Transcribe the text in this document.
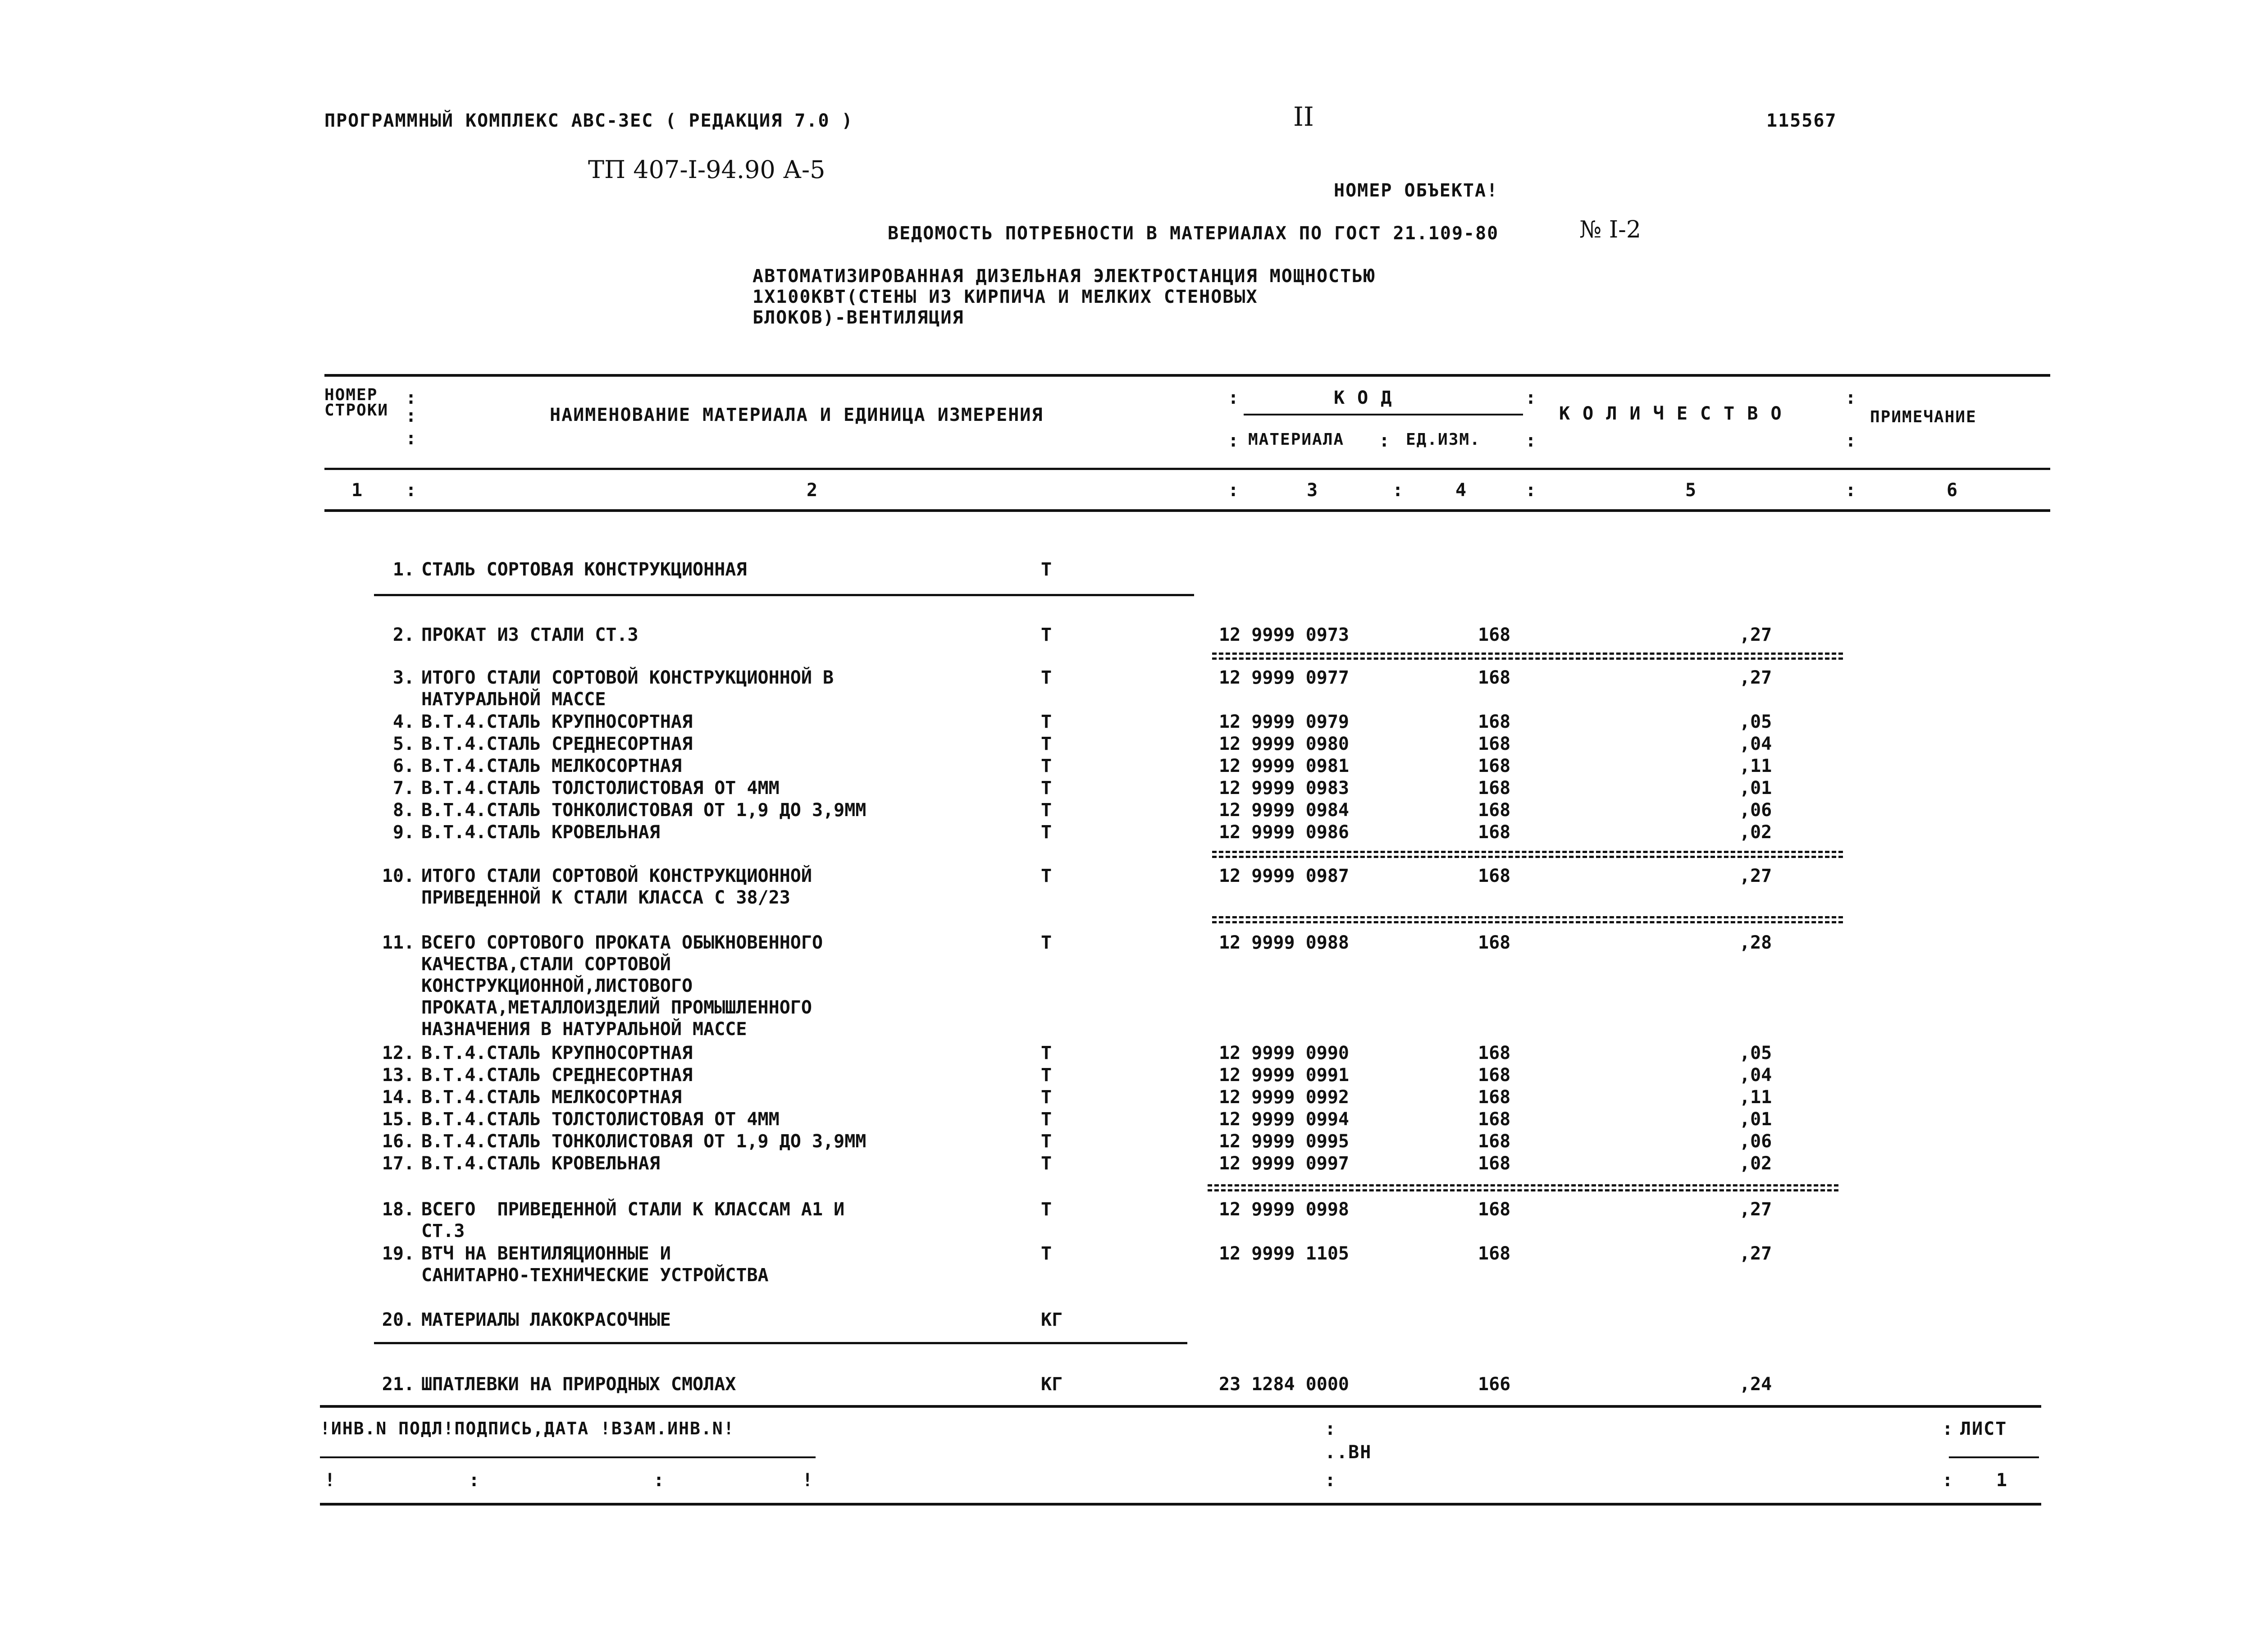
ПРОГРАММНЫЙ КОМПЛЕКС АВС-3ЕС ( РЕДАКЦИЯ 7.0 )	II	115567
ТП 407-I-94.90 А-5
НОМЕР ОБЪЕКТА!
ВЕДОМОСТЬ ПОТРЕБНОСТИ В МАТЕРИАЛАХ ПО ГОСТ 21.109-80	№ I-2
АВТОМАТИЗИРОВАННАЯ ДИЗЕЛЬНАЯ ЭЛЕКТРОСТАНЦИЯ МОЩНОСТЬЮ
1Х100КВТ(СТЕНЫ ИЗ КИРПИЧА И МЕЛКИХ СТЕНОВЫХ
БЛОКОВ)-ВЕНТИЛЯЦИЯ
НОМЕР
СТРОКИ
:
:
:
НАИМЕНОВАНИЕ МАТЕРИАЛА И ЕДИНИЦА ИЗМЕРЕНИЯ
:
:
К О Д
МАТЕРИАЛА : ЕД.ИЗМ.
:
:
К О Л И Ч Е С Т В О
:
:
ПРИМЕЧАНИЕ
1 :	2	:	3	:	4	:	5	:	6
1. СТАЛЬ СОРТОВАЯ КОНСТРУКЦИОННАЯ	Т
2. ПРОКАТ ИЗ СТАЛИ СТ.3	Т	12 9999 0973	168	,27
3. ИТОГО СТАЛИ СОРТОВОЙ КОНСТРУКЦИОННОЙ В
НАТУРАЛЬНОЙ МАССЕ
Т	12 9999 0977	168	,27
4. В.Т.4.СТАЛЬ КРУПНОСОРТНАЯ	Т	12 9999 0979	168	,05
5. В.Т.4.СТАЛЬ СРЕДНЕСОРТНАЯ	Т	12 9999 0980	168	,04
6. В.Т.4.СТАЛЬ МЕЛКОСОРТНАЯ	Т	12 9999 0981	168	,11
7. В.Т.4.СТАЛЬ ТОЛСТОЛИСТОВАЯ ОТ 4ММ	Т	12 9999 0983	168	,01
8. В.Т.4.СТАЛЬ ТОНКОЛИСТОВАЯ ОТ 1,9 ДО 3,9ММ	Т	12 9999 0984	168	,06
9. В.Т.4.СТАЛЬ КРОВЕЛЬНАЯ	Т	12 9999 0986	168	,02
10. ИТОГО СТАЛИ СОРТОВОЙ КОНСТРУКЦИОННОЙ
ПРИВЕДЕННОЙ К СТАЛИ КЛАССА С 38/23
Т	12 9999 0987	168	,27
11. ВСЕГО СОРТОВОГО ПРОКАТА ОБЫКНОВЕННОГО
КАЧЕСТВА,СТАЛИ СОРТОВОЙ
КОНСТРУКЦИОННОЙ,ЛИСТОВОГО
ПРОКАТА,МЕТАЛЛОИЗДЕЛИЙ ПРОМЫШЛЕННОГО
НАЗНАЧЕНИЯ В НАТУРАЛЬНОЙ МАССЕ
Т	12 9999 0988	168	,28
12. В.Т.4.СТАЛЬ КРУПНОСОРТНАЯ	Т	12 9999 0990	168	,05
13. В.Т.4.СТАЛЬ СРЕДНЕСОРТНАЯ	Т	12 9999 0991	168	,04
14. В.Т.4.СТАЛЬ МЕЛКОСОРТНАЯ	Т	12 9999 0992	168	,11
15. В.Т.4.СТАЛЬ ТОЛСТОЛИСТОВАЯ ОТ 4ММ	Т	12 9999 0994	168	,01
16. В.Т.4.СТАЛЬ ТОНКОЛИСТОВАЯ ОТ 1,9 ДО 3,9ММ	Т	12 9999 0995	168	,06
17. В.Т.4.СТАЛЬ КРОВЕЛЬНАЯ	Т	12 9999 0997	168	,02
18. ВСЕГО  ПРИВЕДЕННОЙ СТАЛИ К КЛАССАМ А1 И
СТ.3
Т	12 9999 0998	168	,27
19. ВТЧ НА ВЕНТИЛЯЦИОННЫЕ И
САНИТАРНО-ТЕХНИЧЕСКИЕ УСТРОЙСТВА
Т	12 9999 1105	168	,27
20. МАТЕРИАЛЫ ЛАКОКРАСОЧНЫЕ	КГ
21. ШПАТЛЕВКИ НА ПРИРОДНЫХ СМОЛАХ	КГ	23 1284 0000	166	,24
!ИНВ.N ПОДЛ!ПОДПИСЬ,ДАТА !ВЗАМ.ИНВ.N!
!	:	:	!
:
..ВН
:
: ЛИСТ
: 1
